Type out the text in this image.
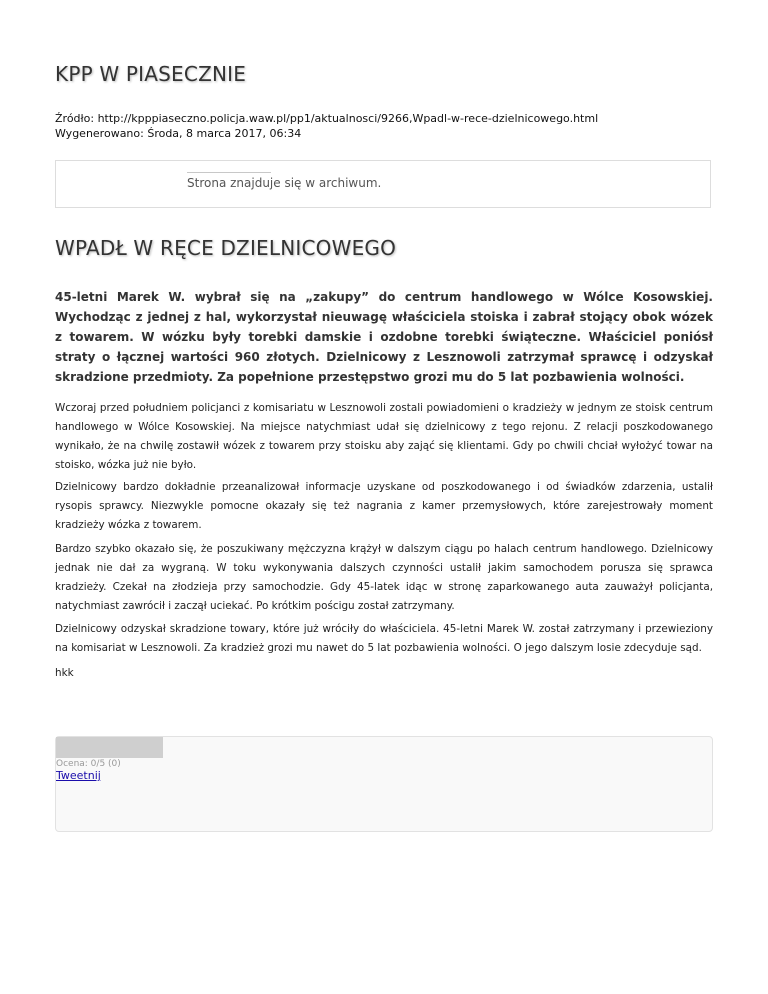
KPP W PIASECZNIE
Źródło: http://kpppiaseczno.policja.waw.pl/pp1/aktualnosci/9266,Wpadl-w-rece-dzielnicowego.html
Wygenerowano: Środa, 8 marca 2017, 06:34
Strona znajduje się w archiwum.
WPADŁ W RĘCE DZIELNICOWEGO

45-letni Marek W. wybrał się na „zakupy” do centrum handlowego w Wólce Kosowskiej. Wychodząc z jednej z hal, wykorzystał nieuwagę właściciela stoiska i zabrał stojący obok wózek z towarem. W wózku były torebki damskie i ozdobne torebki świąteczne. Właściciel poniósł straty o łącznej wartości 960 złotych. Dzielnicowy z Lesznowoli zatrzymał sprawcę i odzyskał skradzione przedmioty. Za popełnione przestępstwo grozi mu do 5 lat pozbawienia wolności.

Wczoraj przed południem policjanci z komisariatu w Lesznowoli zostali powiadomieni o kradzieży w jednym ze stoisk centrum handlowego w Wólce Kosowskiej. Na miejsce natychmiast udał się dzielnicowy z tego rejonu. Z relacji poszkodowanego wynikało, że na chwilę zostawił wózek z towarem przy stoisku aby zająć się klientami. Gdy po chwili chciał wyłożyć towar na stoisko, wózka już nie było.

Dzielnicowy bardzo dokładnie przeanalizował informacje uzyskane od poszkodowanego i od świadków zdarzenia, ustalił rysopis sprawcy. Niezwykle pomocne okazały się też nagrania z kamer przemysłowych, które zarejestrowały moment kradzieży wózka z towarem.

Bardzo szybko okazało się, że poszukiwany mężczyzna krążył w dalszym ciągu po halach centrum handlowego. Dzielnicowy jednak nie dał za wygraną. W toku wykonywania dalszych czynności ustalił jakim samochodem porusza się sprawca kradzieży. Czekał na złodzieja przy samochodzie. Gdy 45-latek idąc w stronę zaparkowanego auta zauważył policjanta, natychmiast zawrócił i zaczął uciekać. Po krótkim pościgu został zatrzymany.

Dzielnicowy odzyskał skradzione towary, które już wróciły do właściciela. 45-letni Marek W. został zatrzymany i przewieziony na komisariat w Lesznowoli. Za kradzież grozi mu nawet do 5 lat pozbawienia wolności. O jego dalszym losie zdecyduje sąd.

hkk

Ocena: 0/5 (0)
Tweetnij
